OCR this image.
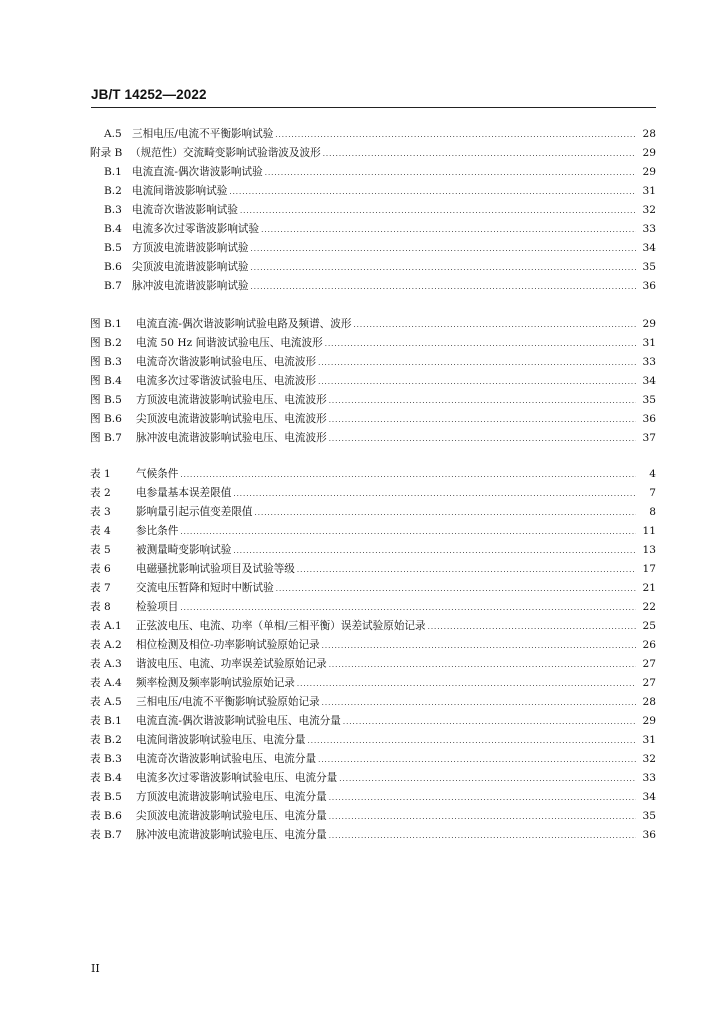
JB/T 14252—2022
A.5 三相电压/电流不平衡影响试验 .....	28
附录 B （规范性）交流畸变影响试验谐波及波形 .....	29
B.1 电流直流-偶次谐波影响试验 .....	29
B.2 电流间谐波影响试验 .....	31
B.3 电流奇次谐波影响试验 .....	32
B.4 电流多次过零谐波影响试验 .....	33
B.5 方顶波电流谐波影响试验 .....	34
B.6 尖顶波电流谐波影响试验 .....	35
B.7 脉冲波电流谐波影响试验 .....	36
图 B.1	电流直流-偶次谐波影响试验电路及频谱、波形 .....	29
图 B.2	电流 50 Hz 间谐波试验电压、电流波形 .....	31
图 B.3	电流奇次谐波影响试验电压、电流波形 .....	33
图 B.4	电流多次过零谐波试验电压、电流波形 .....	34
图 B.5	方顶波电流谐波影响试验电压、电流波形 .....	35
图 B.6	尖顶波电流谐波影响试验电压、电流波形 .....	36
图 B.7	脉冲波电流谐波影响试验电压、电流波形 .....	37
表 1	气候条件 .....	4
表 2	电参量基本误差限值 .....	7
表 3	影响量引起示值变差限值 .....	8
表 4	参比条件 .....	11
表 5	被测量畸变影响试验 .....	13
表 6	电磁骚扰影响试验项目及试验等级 .....	17
表 7	交流电压暂降和短时中断试验 .....	21
表 8	检验项目 .....	22
表 A.1	正弦波电压、电流、功率（单相/三相平衡）误差试验原始记录 .....	25
表 A.2	相位检测及相位-功率影响试验原始记录 .....	26
表 A.3	谐波电压、电流、功率误差试验原始记录 .....	27
表 A.4	频率检测及频率影响试验原始记录 .....	27
表 A.5	三相电压/电流不平衡影响试验原始记录 .....	28
表 B.1	电流直流-偶次谐波影响试验电压、电流分量 .....	29
表 B.2	电流间谐波影响试验电压、电流分量 .....	31
表 B.3	电流奇次谐波影响试验电压、电流分量 .....	32
表 B.4	电流多次过零谐波影响试验电压、电流分量 .....	33
表 B.5	方顶波电流谐波影响试验电压、电流分量 .....	34
表 B.6	尖顶波电流谐波影响试验电压、电流分量 .....	35
表 B.7	脉冲波电流谐波影响试验电压、电流分量 .....	36
II
